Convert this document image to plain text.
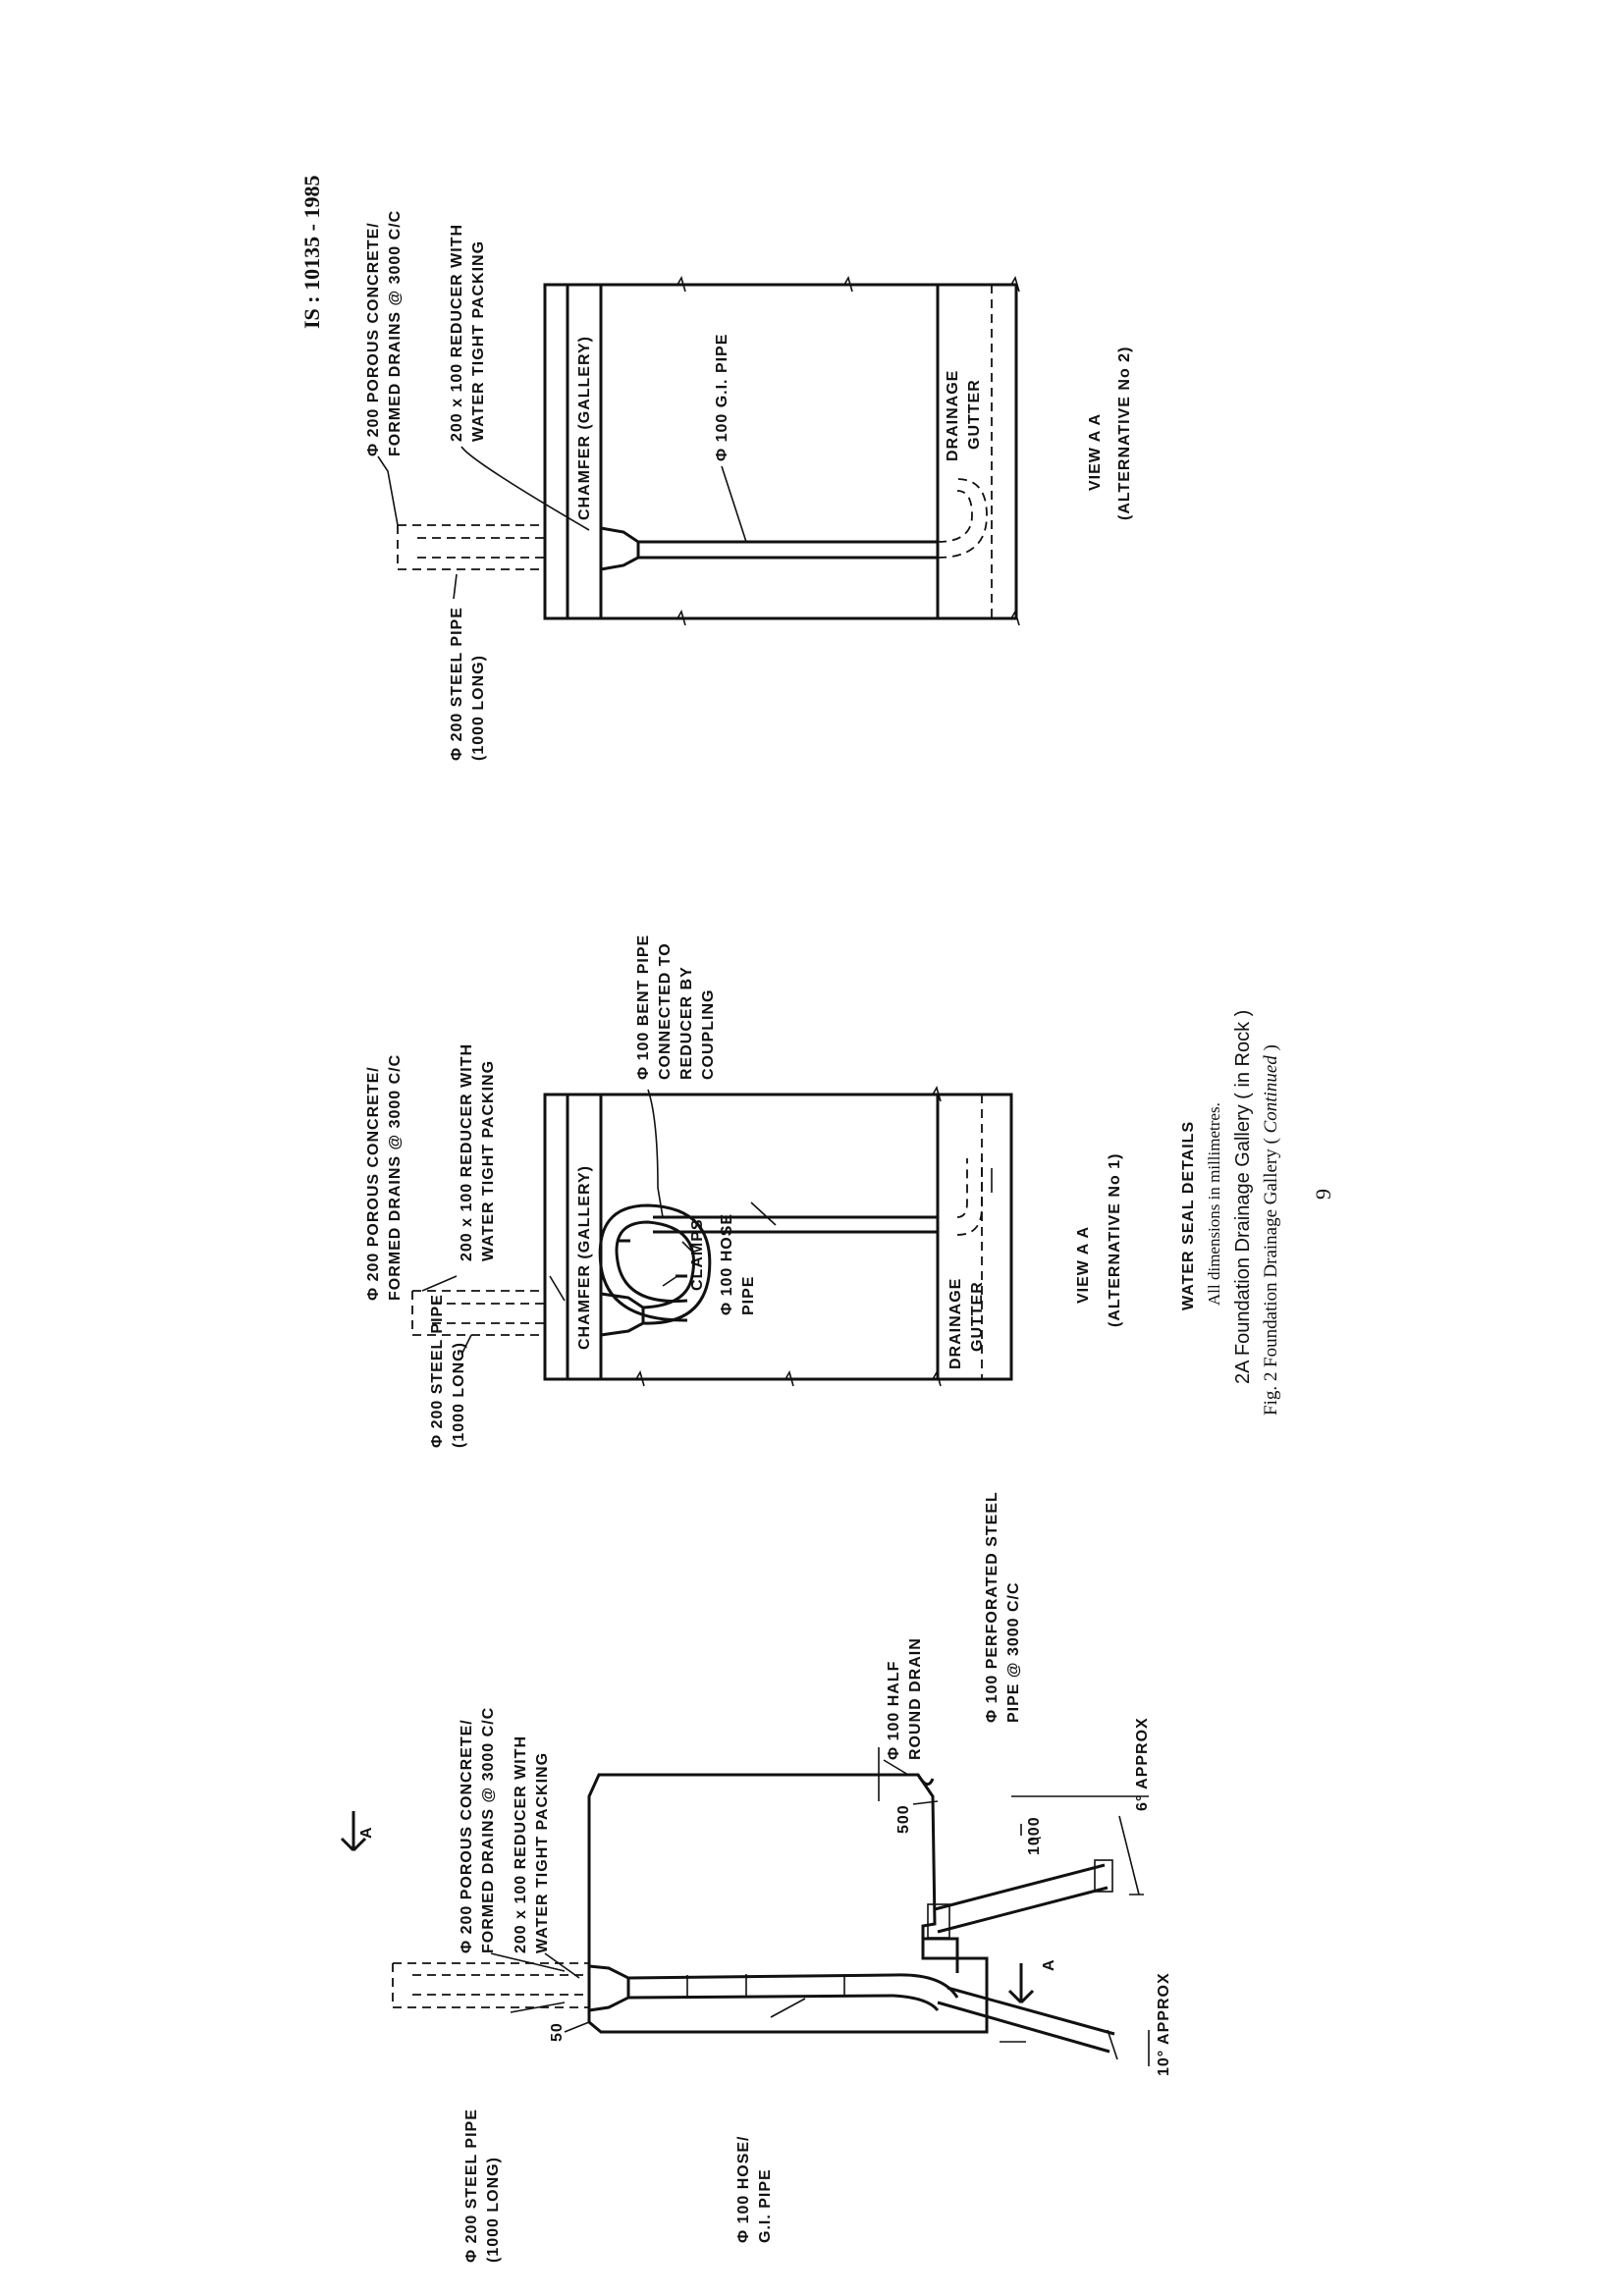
IS : 10135 - 1985
A
A
Φ 200 STEEL PIPE (1000 LONG)
Φ 200 POROUS CONCRETE/ FORMED DRAINS @ 3000 C/C 200 x 100 REDUCER WITH WATER TIGHT PACKING
50
Φ 100 HOSE/ G.I. PIPE
10° APPROX
500
Φ 100 HALF ROUND DRAIN	Φ 100 PERFORATED STEEL PIPE @ 3000 C/C
1000
6° APPROX
Φ 200 POROUS CONCRETE/ FORMED DRAINS @ 3000 C/C	200 x 100 REDUCER WITH WATER TIGHT PACKING
Φ 100 BENT PIPE CONNECTED TO REDUCER BY COUPLING
Φ 200 STEEL PIPE (1000 LONG)
CHAMFER (GALLERY)	CLAMPS Φ 100 HOSE PIPE	DRAINAGE GUTTER
VIEW A A (ALTERNATIVE No 1)
Φ 200 POROUS CONCRETE/ FORMED DRAINS @ 3000 C/C	200 x 100 REDUCER WITH WATER TIGHT PACKING	CHAMFER (GALLERY)	Φ 100 G.I. PIPE	DRAINAGE GUTTER
Φ 200 STEEL PIPE (1000 LONG)
VIEW A A (ALTERNATIVE No 2)
WATER SEAL DETAILS All dimensions in millimetres. 2A Foundation Drainage Gallery ( in Rock ) Fig. 2 Foundation Drainage Gallery ( Continued )
9
